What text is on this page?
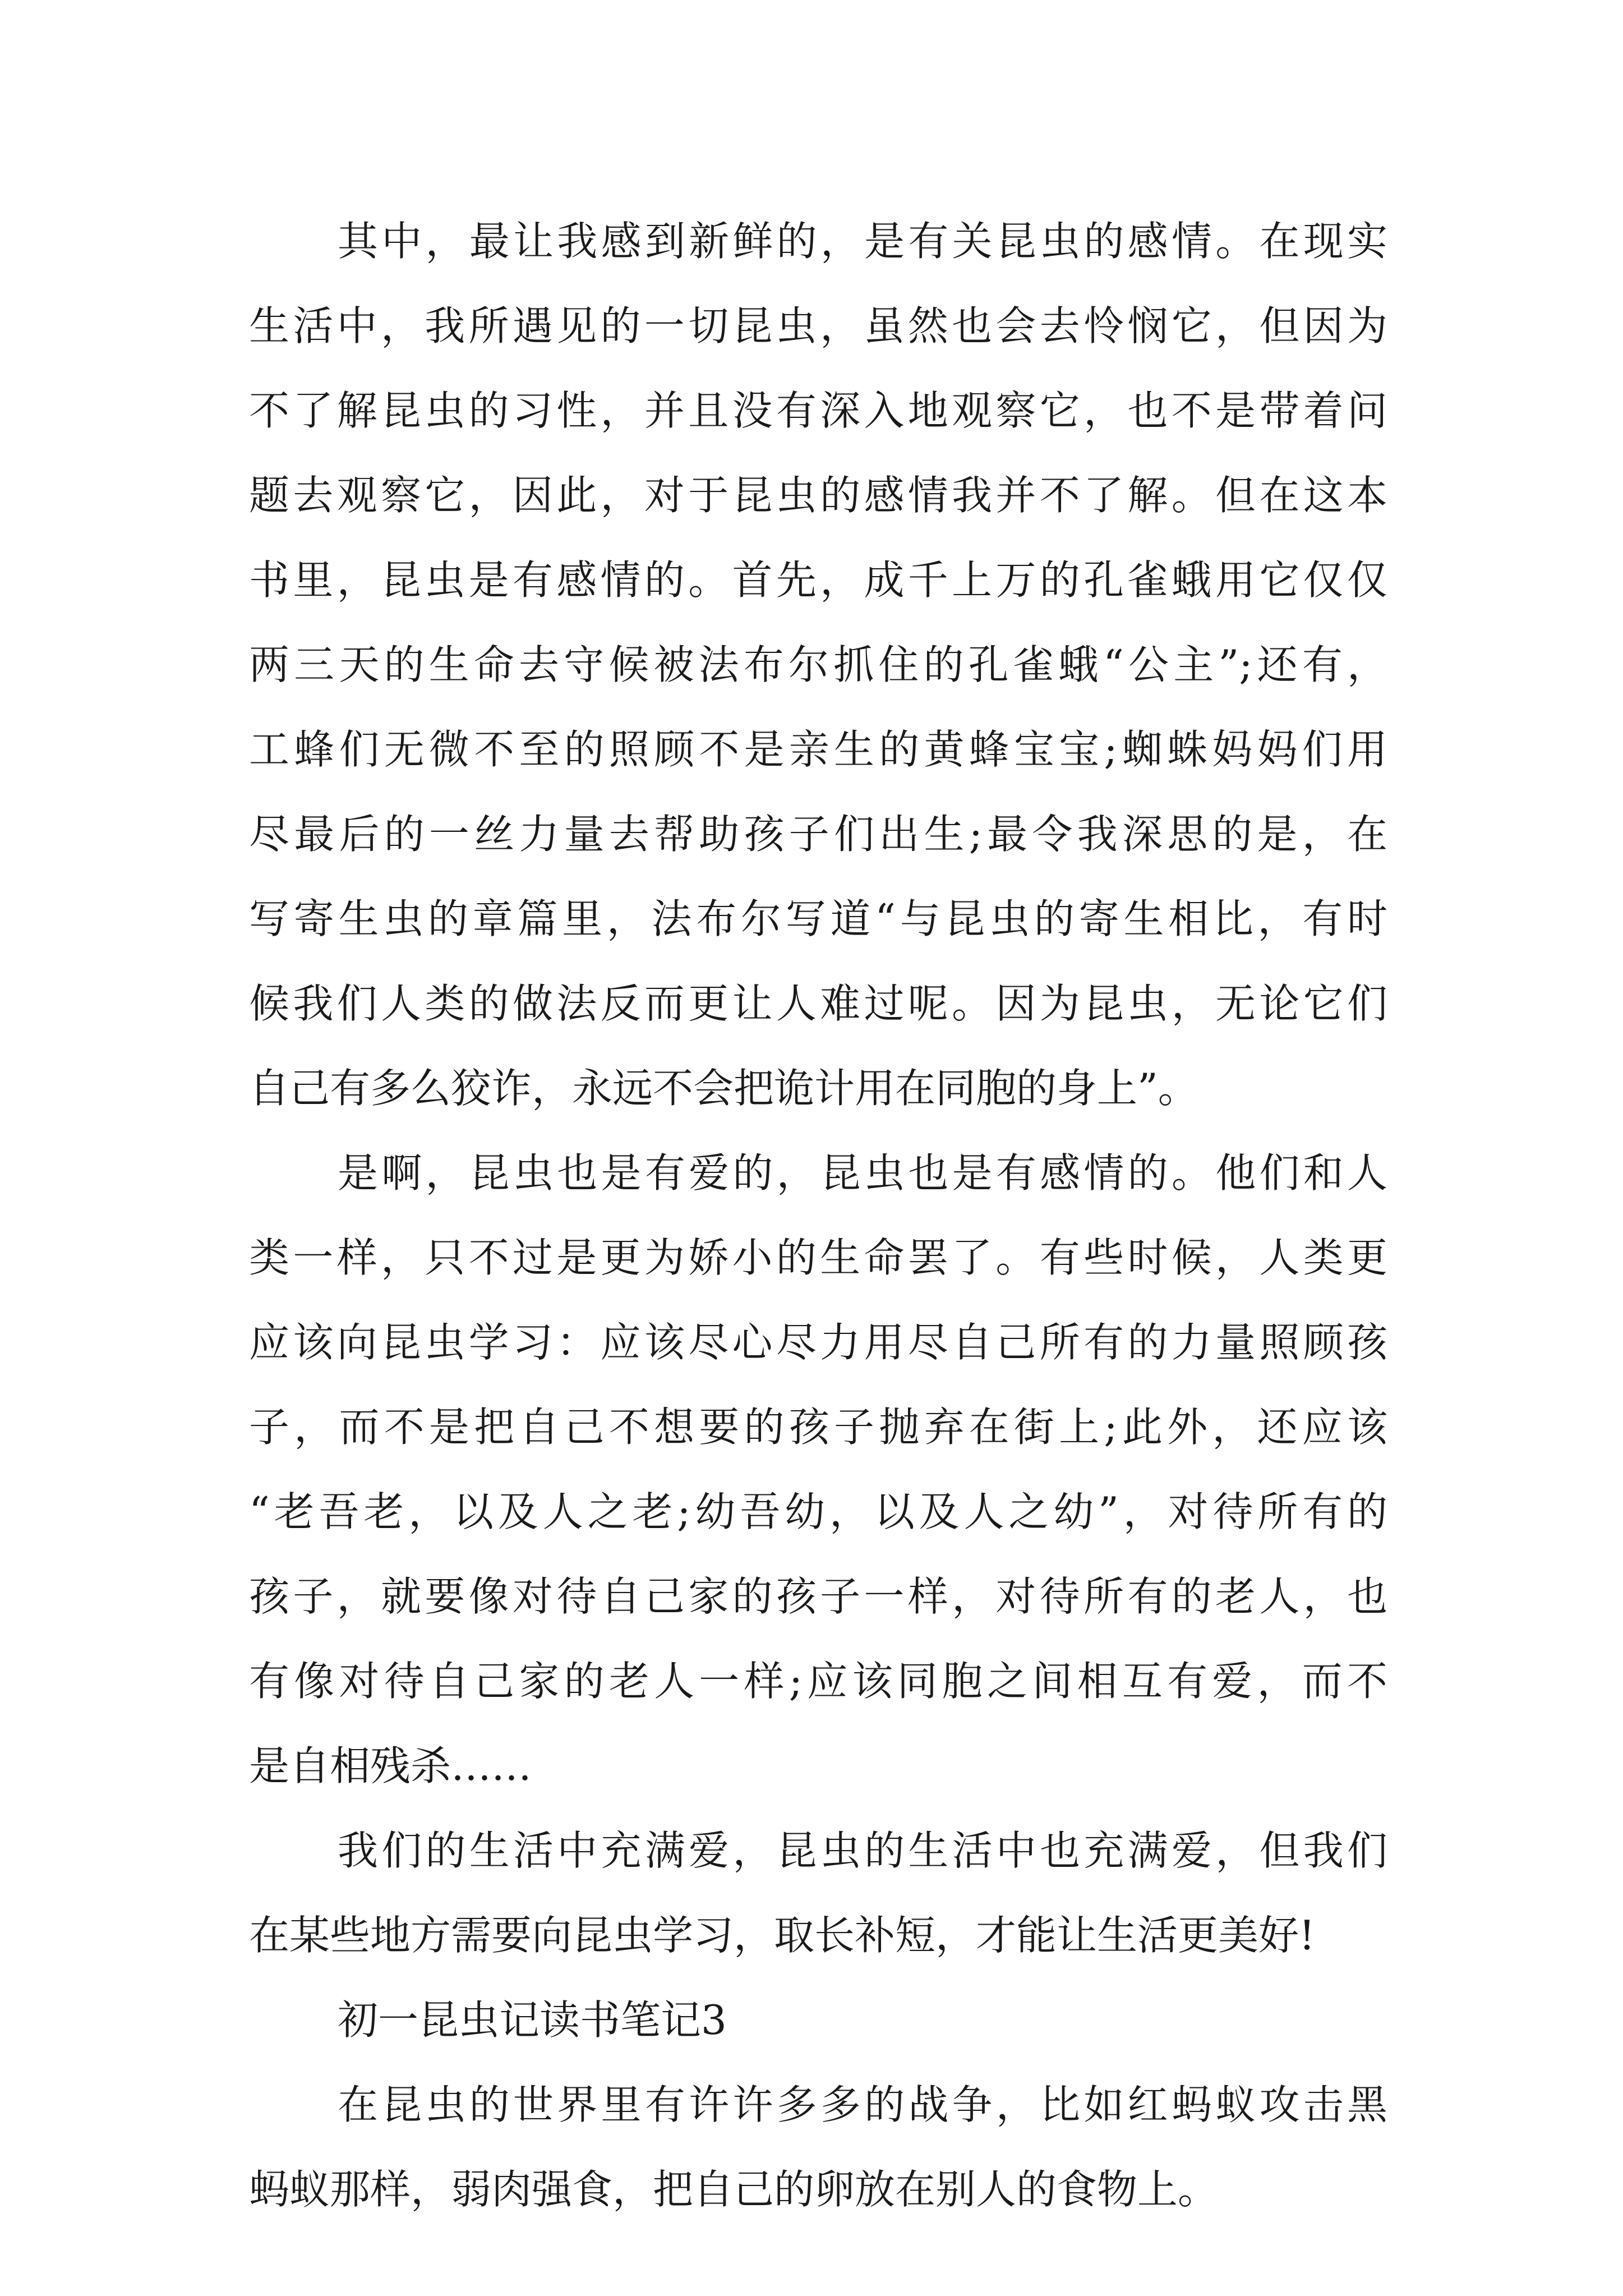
其中，最让我感到新鲜的，是有关昆虫的感情。在现实
生活中，我所遇见的一切昆虫，虽然也会去怜悯它，但因为
不了解昆虫的习性，并且没有深入地观察它，也不是带着问
题去观察它，因此，对于昆虫的感情我并不了解。但在这本
书里，昆虫是有感情的。首先，成千上万的孔雀蛾用它仅仅
两三天的生命去守候被法布尔抓住的孔雀蛾“公主”;还有，
工蜂们无微不至的照顾不是亲生的黄蜂宝宝;蜘蛛妈妈们用
尽最后的一丝力量去帮助孩子们出生;最令我深思的是，在
写寄生虫的章篇里，法布尔写道“与昆虫的寄生相比，有时
候我们人类的做法反而更让人难过呢。因为昆虫，无论它们
自己有多么狡诈，永远不会把诡计用在同胞的身上”。
是啊，昆虫也是有爱的，昆虫也是有感情的。他们和人
类一样，只不过是更为娇小的生命罢了。有些时候，人类更
应该向昆虫学习：应该尽心尽力用尽自己所有的力量照顾孩
子，而不是把自己不想要的孩子抛弃在街上;此外，还应该
“老吾老，以及人之老;幼吾幼，以及人之幼”，对待所有的
孩子，就要像对待自己家的孩子一样，对待所有的老人，也
有像对待自己家的老人一样;应该同胞之间相互有爱，而不
是自相残杀……
我们的生活中充满爱，昆虫的生活中也充满爱，但我们
在某些地方需要向昆虫学习，取长补短，才能让生活更美好!
初一昆虫记读书笔记3
在昆虫的世界里有许许多多的战争，比如红蚂蚁攻击黑
蚂蚁那样，弱肉强食，把自己的卵放在别人的食物上。
